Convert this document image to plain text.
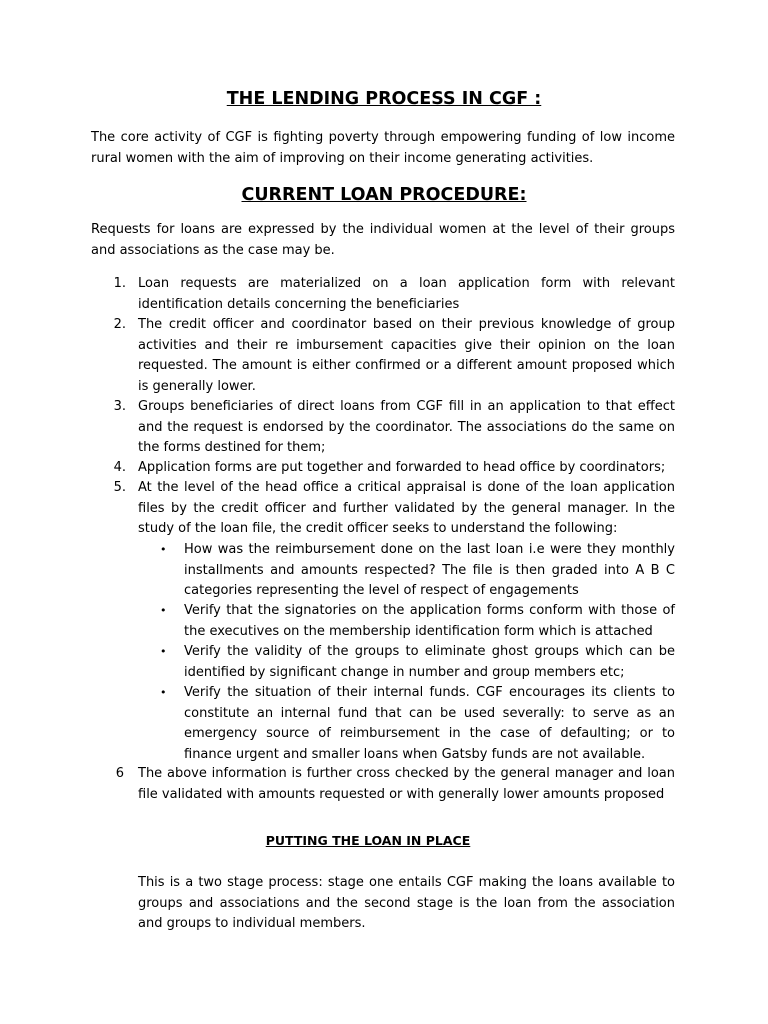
THE LENDING PROCESS IN CGF :
The core activity of CGF is fighting poverty through empowering funding of low income rural women with the aim of improving on their income generating activities.
CURRENT LOAN PROCEDURE:
Requests for loans are expressed by the individual women at the level of their groups and associations as the case may be.
1. Loan requests are materialized on a loan application form with relevant identification details concerning the beneficiaries
2. The credit officer and coordinator based on their previous knowledge of group activities and their re imbursement capacities give their opinion on the loan requested. The amount is either confirmed or a different amount proposed which is generally lower.
3. Groups beneficiaries of direct loans from CGF fill in an application to that effect and the request is endorsed by the coordinator. The associations do the same on the forms destined for them;
4. Application forms are put together and forwarded to head office by coordinators;
5. At the level of the head office a critical appraisal is done of the loan application files by the credit officer and further validated by the general manager. In the study of the loan file, the credit officer seeks to understand the following:
• How was the reimbursement done on the last loan i.e were they monthly installments and amounts respected? The file is then graded into A B C categories representing the level of respect of engagements
• Verify that the signatories on the application forms conform with those of the executives on the membership identification form which is attached
• Verify the validity of the groups to eliminate ghost groups which can be identified by significant change in number and group members etc;
• Verify the situation of their internal funds. CGF encourages its clients to constitute an internal fund that can be used severally: to serve as an emergency source of reimbursement in the case of defaulting; or to finance urgent and smaller loans when Gatsby funds are not available.
6 The above information is further cross checked by the general manager and loan file validated with amounts requested or with generally lower amounts proposed
PUTTING THE LOAN IN PLACE
This is a two stage process: stage one entails CGF making the loans available to groups and associations and the second stage is the loan from the association and groups to individual members.
